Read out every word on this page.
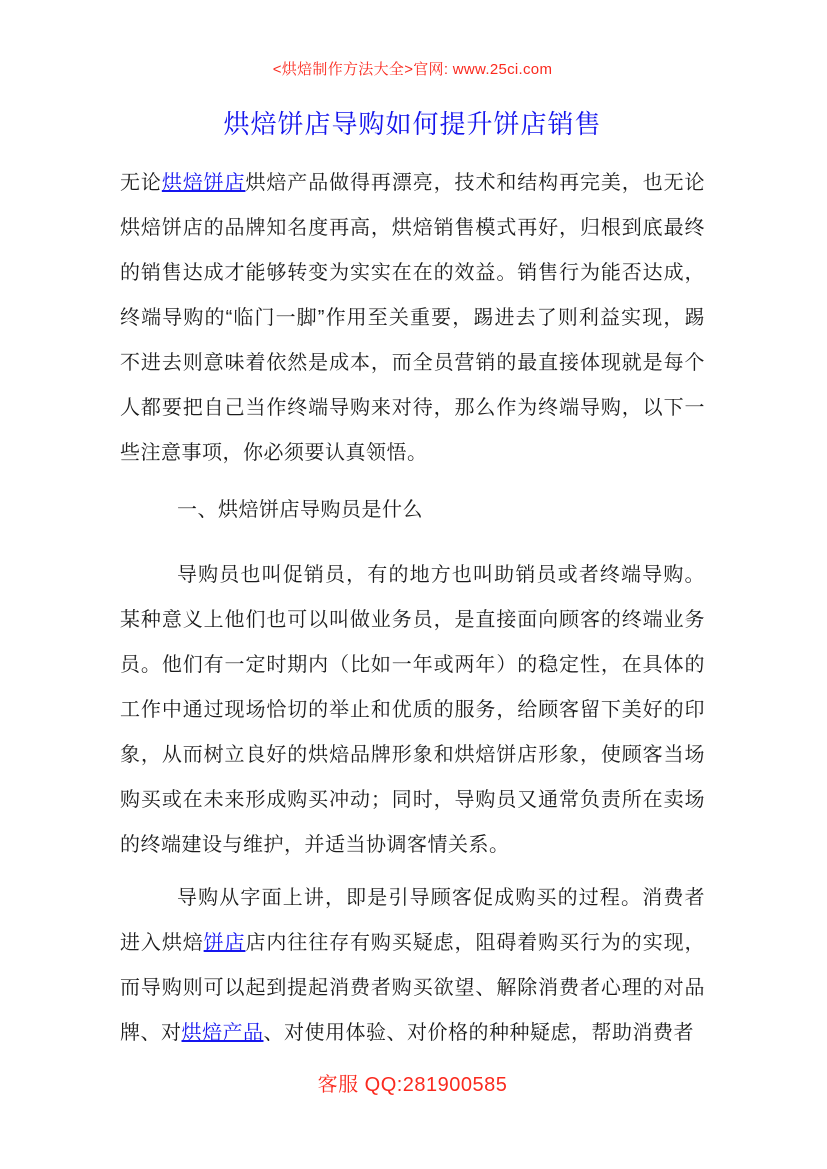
<烘焙制作方法大全>官网: www.25ci.com

烘焙饼店导购如何提升饼店销售

无论烘焙饼店烘焙产品做得再漂亮，技术和结构再完美，也无论烘焙饼店的品牌知名度再高，烘焙销售模式再好，归根到底最终的销售达成才能够转变为实实在在的效益。销售行为能否达成，终端导购的“临门一脚”作用至关重要，踢进去了则利益实现，踢不进去则意味着依然是成本，而全员营销的最直接体现就是每个人都要把自己当作终端导购来对待，那么作为终端导购，以下一些注意事项，你必须要认真领悟。

一、烘焙饼店导购员是什么

导购员也叫促销员，有的地方也叫助销员或者终端导购。某种意义上他们也可以叫做业务员，是直接面向顾客的终端业务员。他们有一定时期内（比如一年或两年）的稳定性，在具体的工作中通过现场恰切的举止和优质的服务，给顾客留下美好的印象，从而树立良好的烘焙品牌形象和烘焙饼店形象，使顾客当场购买或在未来形成购买冲动；同时，导购员又通常负责所在卖场的终端建设与维护，并适当协调客情关系。

导购从字面上讲，即是引导顾客促成购买的过程。消费者进入烘焙饼店店内往往存有购买疑虑，阻碍着购买行为的实现，而导购则可以起到提起消费者购买欲望、解除消费者心理的对品牌、对烘焙产品、对使用体验、对价格的种种疑虑，帮助消费者

客服 QQ:281900585
